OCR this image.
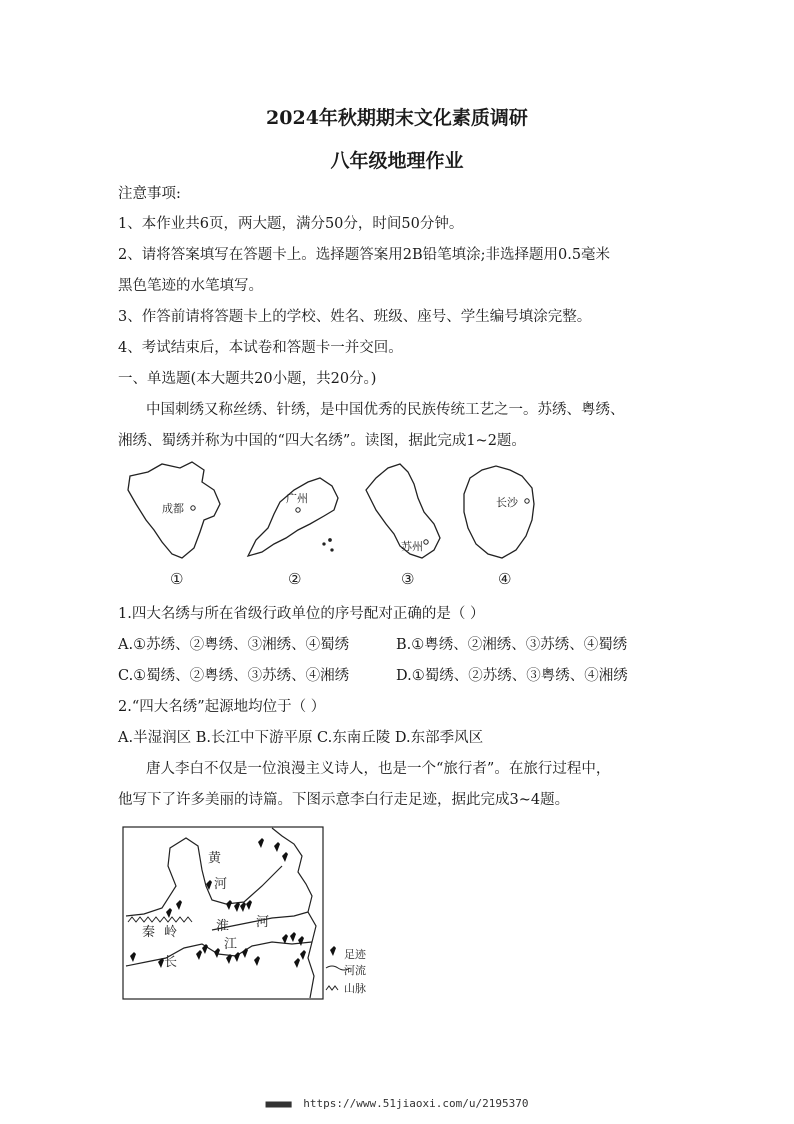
2024年秋期期末文化素质调研
八年级地理作业
注意事项:
1、本作业共6页，两大题，满分50分，时间50分钟。
2、请将答案填写在答题卡上。选择题答案用2B铅笔填涂;非选择题用0.5毫米
黑色笔迹的水笔填写。
3、作答前请将答题卡上的学校、姓名、班级、座号、学生编号填涂完整。
4、考试结束后，本试卷和答题卡一并交回。
一、单选题(本大题共20小题，共20分。)
中国刺绣又称丝绣、针绣，是中国优秀的民族传统工艺之一。苏绣、粤绣、
湘绣、蜀绣并称为中国的“四大名绣”。读图，据此完成1~2题。
成都
广州
苏州
长沙
①	②	③	④
1.四大名绣与所在省级行政单位的序号配对正确的是（ ）
A.①苏绣、②粤绣、③湘绣、④蜀绣	B.①粤绣、②湘绣、③苏绣、④蜀绣
C.①蜀绣、②粤绣、③苏绣、④湘绣	D.①蜀绣、②苏绣、③粤绣、④湘绣
2.“四大名绣”起源地均位于（ ）
A.半湿润区 B.长江中下游平原 C.东南丘陵 D.东部季风区
唐人李白不仅是一位浪漫主义诗人，也是一个“旅行者”。在旅行过程中，
他写下了许多美丽的诗篇。下图示意李白行走足迹，据此完成3~4题。
黄
河
淮 河
秦 岭
长
江
足迹
河流
山脉
■■■■■ https://www.51jiaoxi.com/u/2195370
